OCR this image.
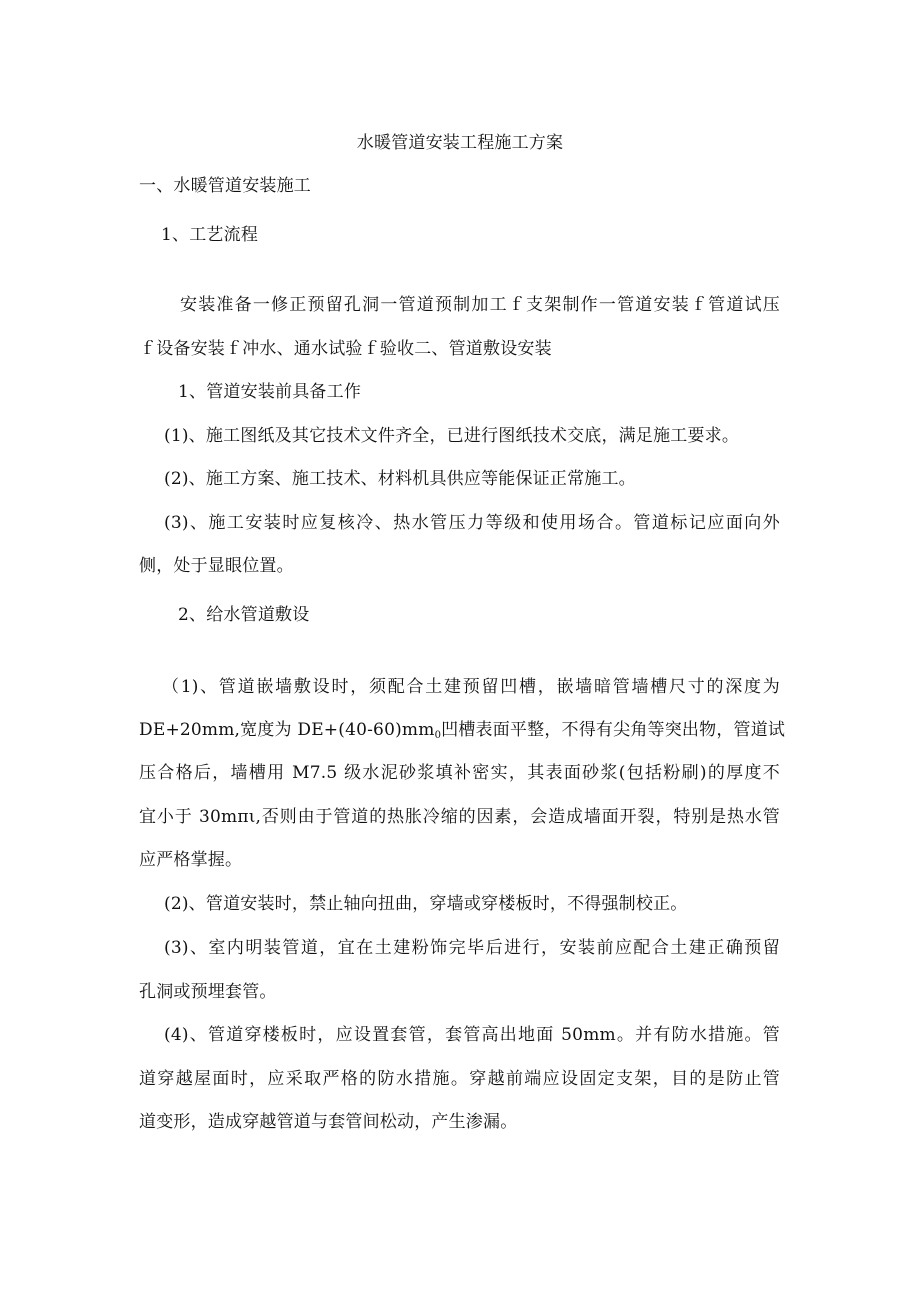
水暖管道安装工程施工方案
一、水暖管道安装施工
1、工艺流程
安装准备一修正预留孔洞一管道预制加工ｆ支架制作一管道安装ｆ管道试压
ｆ设备安装ｆ冲水、通水试验ｆ验收二、管道敷设安装
1、管道安装前具备工作
(1)、施工图纸及其它技术文件齐全，已进行图纸技术交底，满足施工要求。
(2)、施工方案、施工技术、材料机具供应等能保证正常施工。
(3)、施工安装时应复核冷、热水管压力等级和使用场合。管道标记应面向外
侧，处于显眼位置。
2、给水管道敷设
（1)、管道嵌墙敷设时，须配合土建预留凹槽，嵌墙暗管墙槽尺寸的深度为
DE+20mm,宽度为 $DE+(40-60)mm_0$ 凹槽表面平整，不得有尖角等突出物，管道试
压合格后，墙槽用 M7.5 级水泥砂浆填补密实，其表面砂浆(包括粉刷)的厚度不
宜小于 30mπι,否则由于管道的热胀冷缩的因素，会造成墙面开裂，特别是热水管
应严格掌握。
(2)、管道安装时，禁止轴向扭曲，穿墙或穿楼板时，不得强制校正。
(3)、室内明装管道，宜在土建粉饰完毕后进行，安装前应配合土建正确预留
孔洞或预埋套管。
(4)、管道穿楼板时，应设置套管，套管高出地面 50mm。并有防水措施。管
道穿越屋面时，应采取严格的防水措施。穿越前端应设固定支架，目的是防止管
道变形，造成穿越管道与套管间松动，产生渗漏。
